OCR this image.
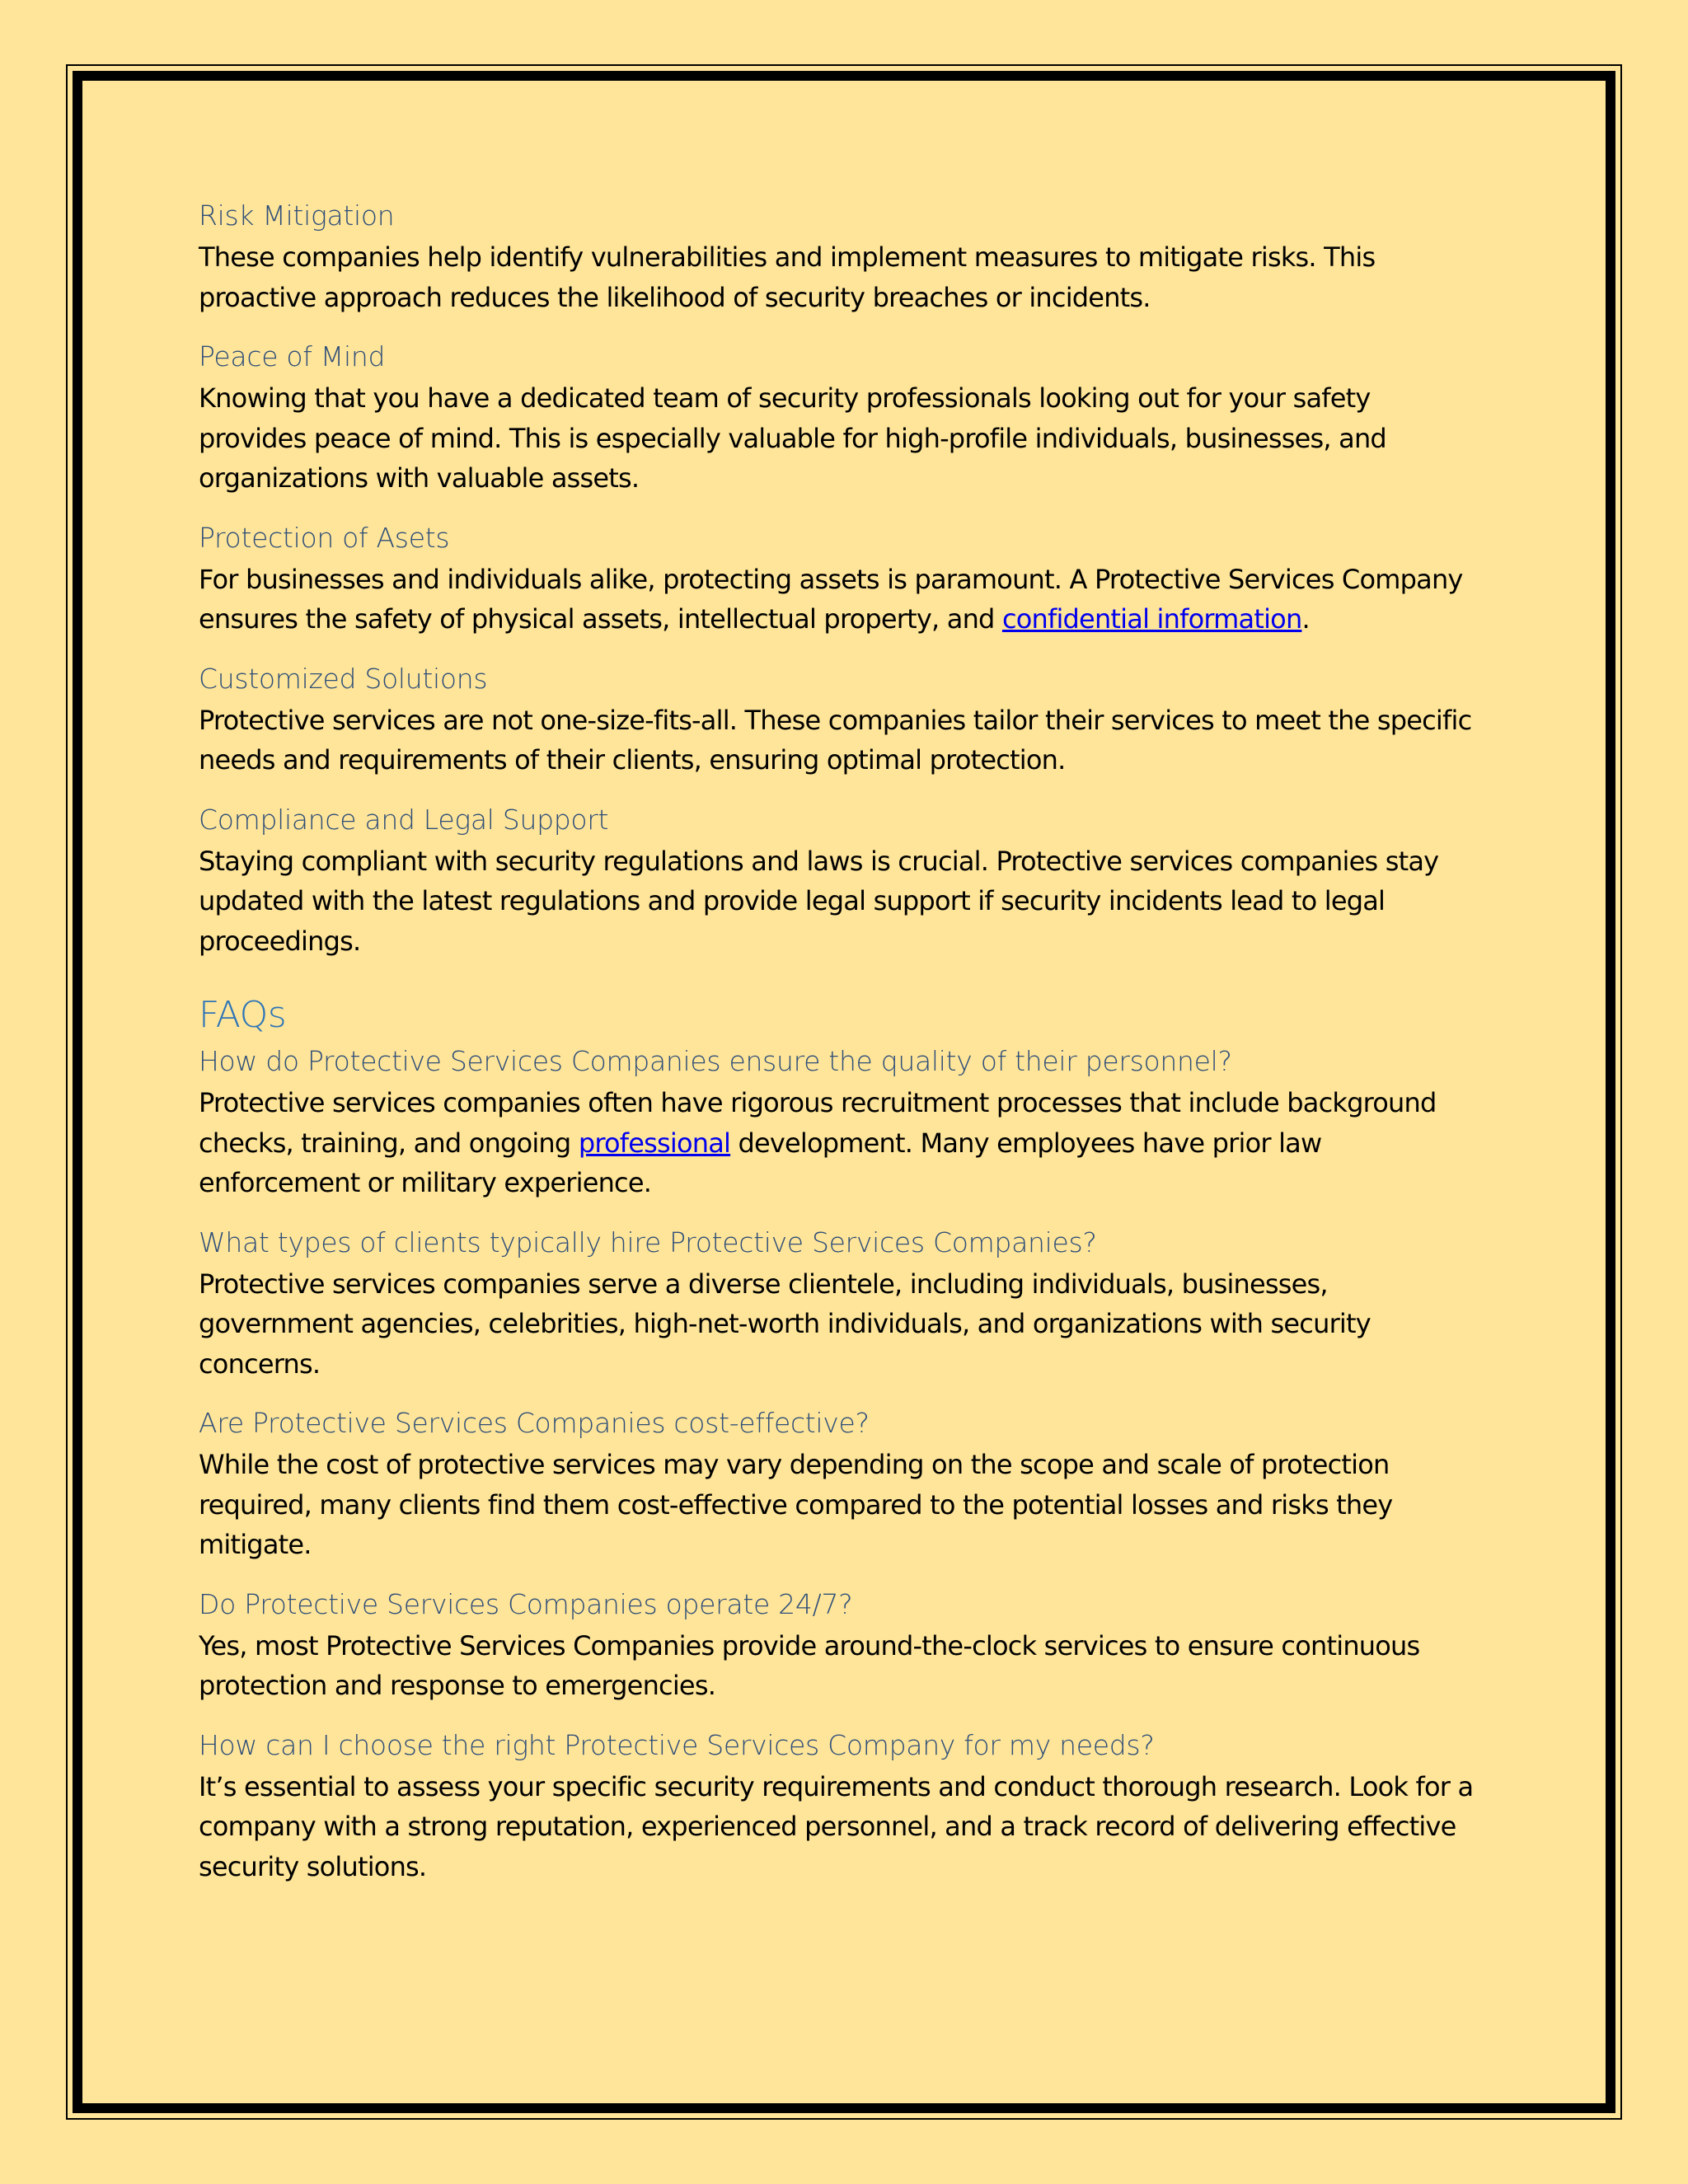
Risk Mitigation

These companies help identify vulnerabilities and implement measures to mitigate risks. This proactive approach reduces the likelihood of security breaches or incidents.

Peace of Mind

Knowing that you have a dedicated team of security professionals looking out for your safety provides peace of mind. This is especially valuable for high-profile individuals, businesses, and organizations with valuable assets.

Protection of Asets

For businesses and individuals alike, protecting assets is paramount. A Protective Services Company ensures the safety of physical assets, intellectual property, and confidential information.

Customized Solutions

Protective services are not one-size-fits-all. These companies tailor their services to meet the specific needs and requirements of their clients, ensuring optimal protection.

Compliance and Legal Support

Staying compliant with security regulations and laws is crucial. Protective services companies stay updated with the latest regulations and provide legal support if security incidents lead to legal proceedings.

FAQs
How do Protective Services Companies ensure the quality of their personnel?

Protective services companies often have rigorous recruitment processes that include background checks, training, and ongoing professional development. Many employees have prior law enforcement or military experience.

What types of clients typically hire Protective Services Companies?

Protective services companies serve a diverse clientele, including individuals, businesses, government agencies, celebrities, high-net-worth individuals, and organizations with security concerns.

Are Protective Services Companies cost-effective?

While the cost of protective services may vary depending on the scope and scale of protection required, many clients find them cost-effective compared to the potential losses and risks they mitigate.

Do Protective Services Companies operate 24/7?

Yes, most Protective Services Companies provide around-the-clock services to ensure continuous protection and response to emergencies.

How can I choose the right Protective Services Company for my needs?

It’s essential to assess your specific security requirements and conduct thorough research. Look for a company with a strong reputation, experienced personnel, and a track record of delivering effective security solutions.
